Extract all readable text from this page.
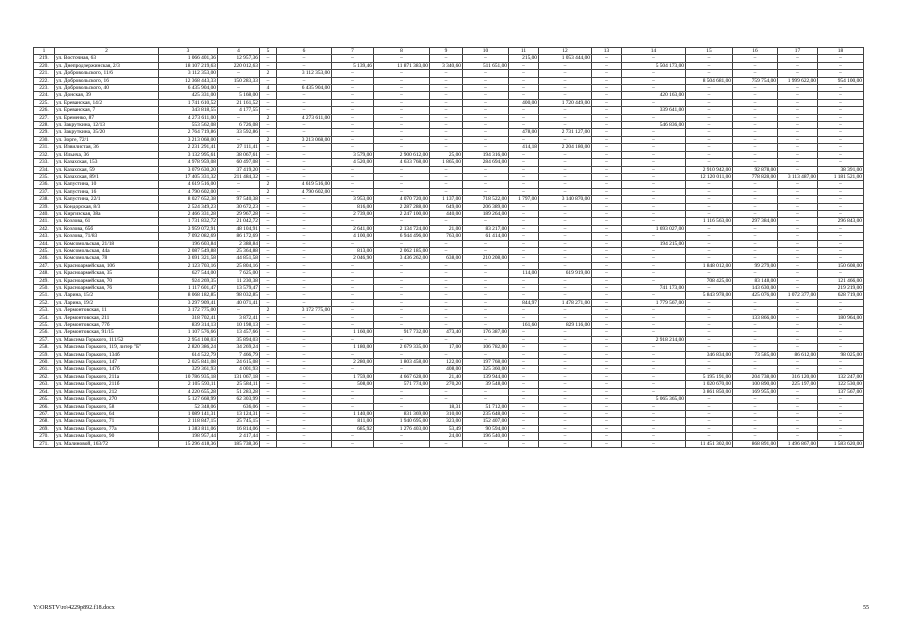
1	2	3	4	5	6	7	8	9	10	11	12	13	14	15	16	17	18
219.	ул. Восточная, 63	1 066 401,36	12 957,36	–	–	–	–	–	–	215,00	1 053 444,00	–	–	–	–	–	–
220.	ул. Днепродзержинская, 2/3	18 107 219,63	220 012,63	–	–	5 139,46	11 871 383,00	3 340,60	511 651,00	–	–	–	5 504 173,00	–	–	–	–
221.	ул. Добровольского, 11/6	3 112 353,00	–	2	3 112 353,00	–	–	–	–	–	–	–	–	–	–	–	–
222.	ул. Добровольского, 16	12 368 443,33	150 283,33	–	–	–	–	–	–	–	–	–	–	8 504 681,00	759 754,00	1 999 622,00	954 100,00
223.	ул. Добровольского, 40	6 435 904,00	–	4	6 435 904,00	–	–	–	–	–	–	–	–	–	–	–	–
224.	ул. Донская, 39	425 331,00	5 168,00	–	–	–	–	–	–	–	–	–	420 163,00	–	–	–	–
225.	ул. Ереванская, 14/2	1 741 610,52	21 161,52	–	–	–	–	–	–	400,00	1 720 449,00	–	–	–	–	–	–
226.	ул. Ереванская, 7	343 818,55	4 177,55	–	–	–	–	–	–	–	–	–	339 641,00	–	–	–	–
227.	ул. Еременко, 87	4 273 611,00	–	2	4 273 611,00	–	–	–	–	–	–	–	–	–	–	–	–
228.	ул. Закруткина, 12/13	553 562,08	6 726,08	–	–	–	–	–	–	–	–	–	546 836,00	–	–	–	–
229.	ул. Закруткина, 35/20	2 764 719,86	33 592,86	–	–	–	–	–	–	478,00	2 731 127,00	–	–	–	–	–	–
230.	ул. Зорге, 72/1	3 213 068,00	–	2	3 213 068,00	–	–	–	–	–	–	–	–	–	–	–	–
231.	ул. Извилистая, 36	2 231 291,41	27 111,41	–	–	–	–	–	–	414,18	2 204 180,00	–	–	–	–	–	–
232.	ул. Ильича, 36	3 132 995,61	38 067,61	–	–	3 579,00	2 900 612,00	25,00	194 316,00	–	–	–	–	–	–	–	–
233.	ул. Казахская, 153	4 978 959,08	60 497,08	–	–	4 520,00	4 633 768,00	1 865,00	284 694,00	–	–	–	–	–	–	–	–
234.	ул. Казахская, 59	3 079 630,20	37 419,20	–	–	–	–	–	–	–	–	–	–	2 910 942,00	92 878,00	–	38 391,00
235.	ул. Казахская, 89/1	17 405 331,32	211 484,32	–	–	–	–	–	–	–	–	–	–	12 120 011,00	778 828,00	3 113 487,00	1 181 521,00
236.	ул. Капустина, 10	4 619 516,00	–	2	4 619 516,00	–	–	–	–	–	–	–	–	–	–	–	–
237.	ул. Капустина, 16	4 790 602,00	–	2	4 790 602,00	–	–	–	–	–	–	–	–	–	–	–	–
238.	ул. Капустина, 22/1	8 027 652,38	97 540,38	–	–	3 953,00	4 070 720,00	1 137,00	718 522,00	1 797,00	3 140 870,00	–	–	–	–	–	–
239.	ул. Кондорская, 8/3	2 524 349,23	30 672,23	–	–	816,00	2 287 288,00	649,00	206 389,00	–	–	–	–	–	–	–	–
240.	ул. Киргизская, 38а	2 466 331,28	29 967,28	–	–	2 739,00	2 247 100,00	440,00	189 264,00	–	–	–	–	–	–	–	–
241.	ул. Козлова, 61	1 731 832,72	21 042,72	–	–	–	–	–	–	–	–	–	–	1 116 563,00	297 384,00	–	296 843,00
242.	ул. Козлова, 65б	3 959 072,91	48 104,91	–	–	2 641,00	2 134 724,00	21,00	83 217,00	–	–	–	1 693 027,00	–	–	–	–
243.	ул. Козлова, 71/83	7 092 082,69	86 172,69	–	–	4 100,00	6 944 496,00	763,00	61 414,00	–	–	–	–	–	–	–	–
244.	ул. Комсомольская, 21/18	196 603,84	2 388,84	–	–	–	–	–	–	–	–	–	194 215,00	–	–	–	–
245.	ул. Комсомольская, 44а	2 087 549,88	25 364,88	–	–	813,00	2 062 185,00	–	–	–	–	–	–	–	–	–	–
246.	ул. Комсомольская, 78	3 691 321,58	44 851,58	–	–	2 046,90	3 436 262,00	638,00	210 208,00	–	–	–	–	–	–	–	–
247.	ул. Красноармейская, 106	2 123 703,16	25 804,16	–	–	–	–	–	–	–	–	–	–	1 848 012,00	99 279,00	–	150 608,00
248.	ул. Красноармейская, 35	627 544,00	7 625,00	–	–	–	–	–	–	114,00	619 919,00	–	–	–	–	–	–
249.	ул. Красноармейская, 70	924 269,35	11 230,38	–	–	–	–	–	–	–	–	–	–	708 425,00	83 148,00	–	121 466,00
250.	ул. Красноармейская, 76	1 117 601,47	13 579,47	–	–	–	–	–	–	–	–	–	741 173,00	–	143 630,00	–	219 219,00
251.	ул. Ларина, 15/2	8 068 182,85	98 032,85	–	–	–	–	–	–	–	–	–	–	5 843 978,00	425 076,00	1 072 377,00	628 719,00
252.	ул. Ларина, 19/2	3 297 909,41	40 071,41	–	–	–	–	–	–	844,97	1 478 271,00	–	1 779 567,00	–	–	–	–
253.	ул. Лермонтовская, 11	3 172 775,00	–	2	3 172 775,00	–	–	–	–	–	–	–	–	–	–	–	–
254.	ул. Лермонтовская, 211	318 702,41	3 872,41	–	–	–	–	–	–	–	–	–	–	–	133 866,00	–	180 964,00
255.	ул. Лермонтовская, 77б	839 314,13	10 198,13	–	–	–	–	–	–	161,60	829 116,00	–	–	–	–	–	–
256.	ул. Лермонтовская, 91/15	1 107 576,66	13 457,66	–	–	1 160,00	917 732,00	473,40	176 387,00	–	–	–	–	–	–	–	–
257.	ул. Максима Горького, 111/52	2 954 108,03	35 894,03	–	–	–	–	–	–	–	–	–	2 918 214,00	–	–	–	–
258.	ул. Максима Горького, 119, литер "Б"	2 820 386,24	34 269,24	–	–	1 180,00	2 679 335,00	17,00	106 782,00	–	–	–	–	–	–	–	–
259.	ул. Максима Горького, 134б	614 522,79	7 466,79	–	–	–	–	–	–	–	–	–	–	346 834,00	73 585,00	86 612,00	98 025,00
260.	ул. Максима Горького, 147	2 025 841,08	24 615,08	–	–	2 280,00	1 803 458,00	122,00	197 768,00	–	–	–	–	–	–	–	–
261.	ул. Максима Горького, 147б	329 361,93	4 001,93	–	–	–	–	408,00	325 360,00	–	–	–	–	–	–	–	–
262.	ул. Максима Горького, 211а	10 786 935,18	131 067,18	–	–	1 759,00	4 667 628,00	21,40	139 944,00	–	–	–	–	5 195 191,00	204 738,00	316 120,00	132 247,00
263.	ул. Максима Горького, 211б	2 105 593,11	25 584,11	–	–	508,00	571 774,00	270,20	39 548,00	–	–	–	–	1 020 670,00	100 890,00	225 197,00	122 530,00
264.	ул. Максима Горького, 212	4 220 655,28	51 283,28	–	–	–	–	–	–	–	–	–	–	3 861 850,00	169 955,00	–	137 567,00
265.	ул. Максима Горького, 270	5 127 668,99	62 303,99	–	–	–	–	–	–	–	–	–	5 065 365,00	–	–	–	–
266.	ул. Максима Горького, 58	52 348,06	636,06	–	–	–	–	18,31	51 712,00	–	–	–	–	–	–	–	–
267.	ул. Максима Горького, 64	1 089 141,31	13 124,31	–	–	1 140,00	831 369,00	310,00	235 648,00	–	–	–	–	–	–	–	–
268.	ул. Максима Горького, 71	2 118 847,15	25 745,15	–	–	811,00	1 940 695,00	323,00	152 407,00	–	–	–	–	–	–	–	–
269.	ул. Максима Горького, 77а	1 383 811,06	16 814,06	–	–	685,92	1 276 403,00	53,49	90 594,00	–	–	–	–	–	–	–	–
270.	ул. Максима Горького, 90	198 957,44	2 417,44	–	–	–	–	24,00	196 540,00	–	–	–	–	–	–	–	–
271.	ул. Малиновой, 163/72	15 296 418,36	185 738,36	–	–	–	–	–	–	–	–	–	–	11 451 302,00	868 891,00	1 496 867,00	1 583 620,00
Y:\ORSTV\ro\4229p892.f18.docx	55
